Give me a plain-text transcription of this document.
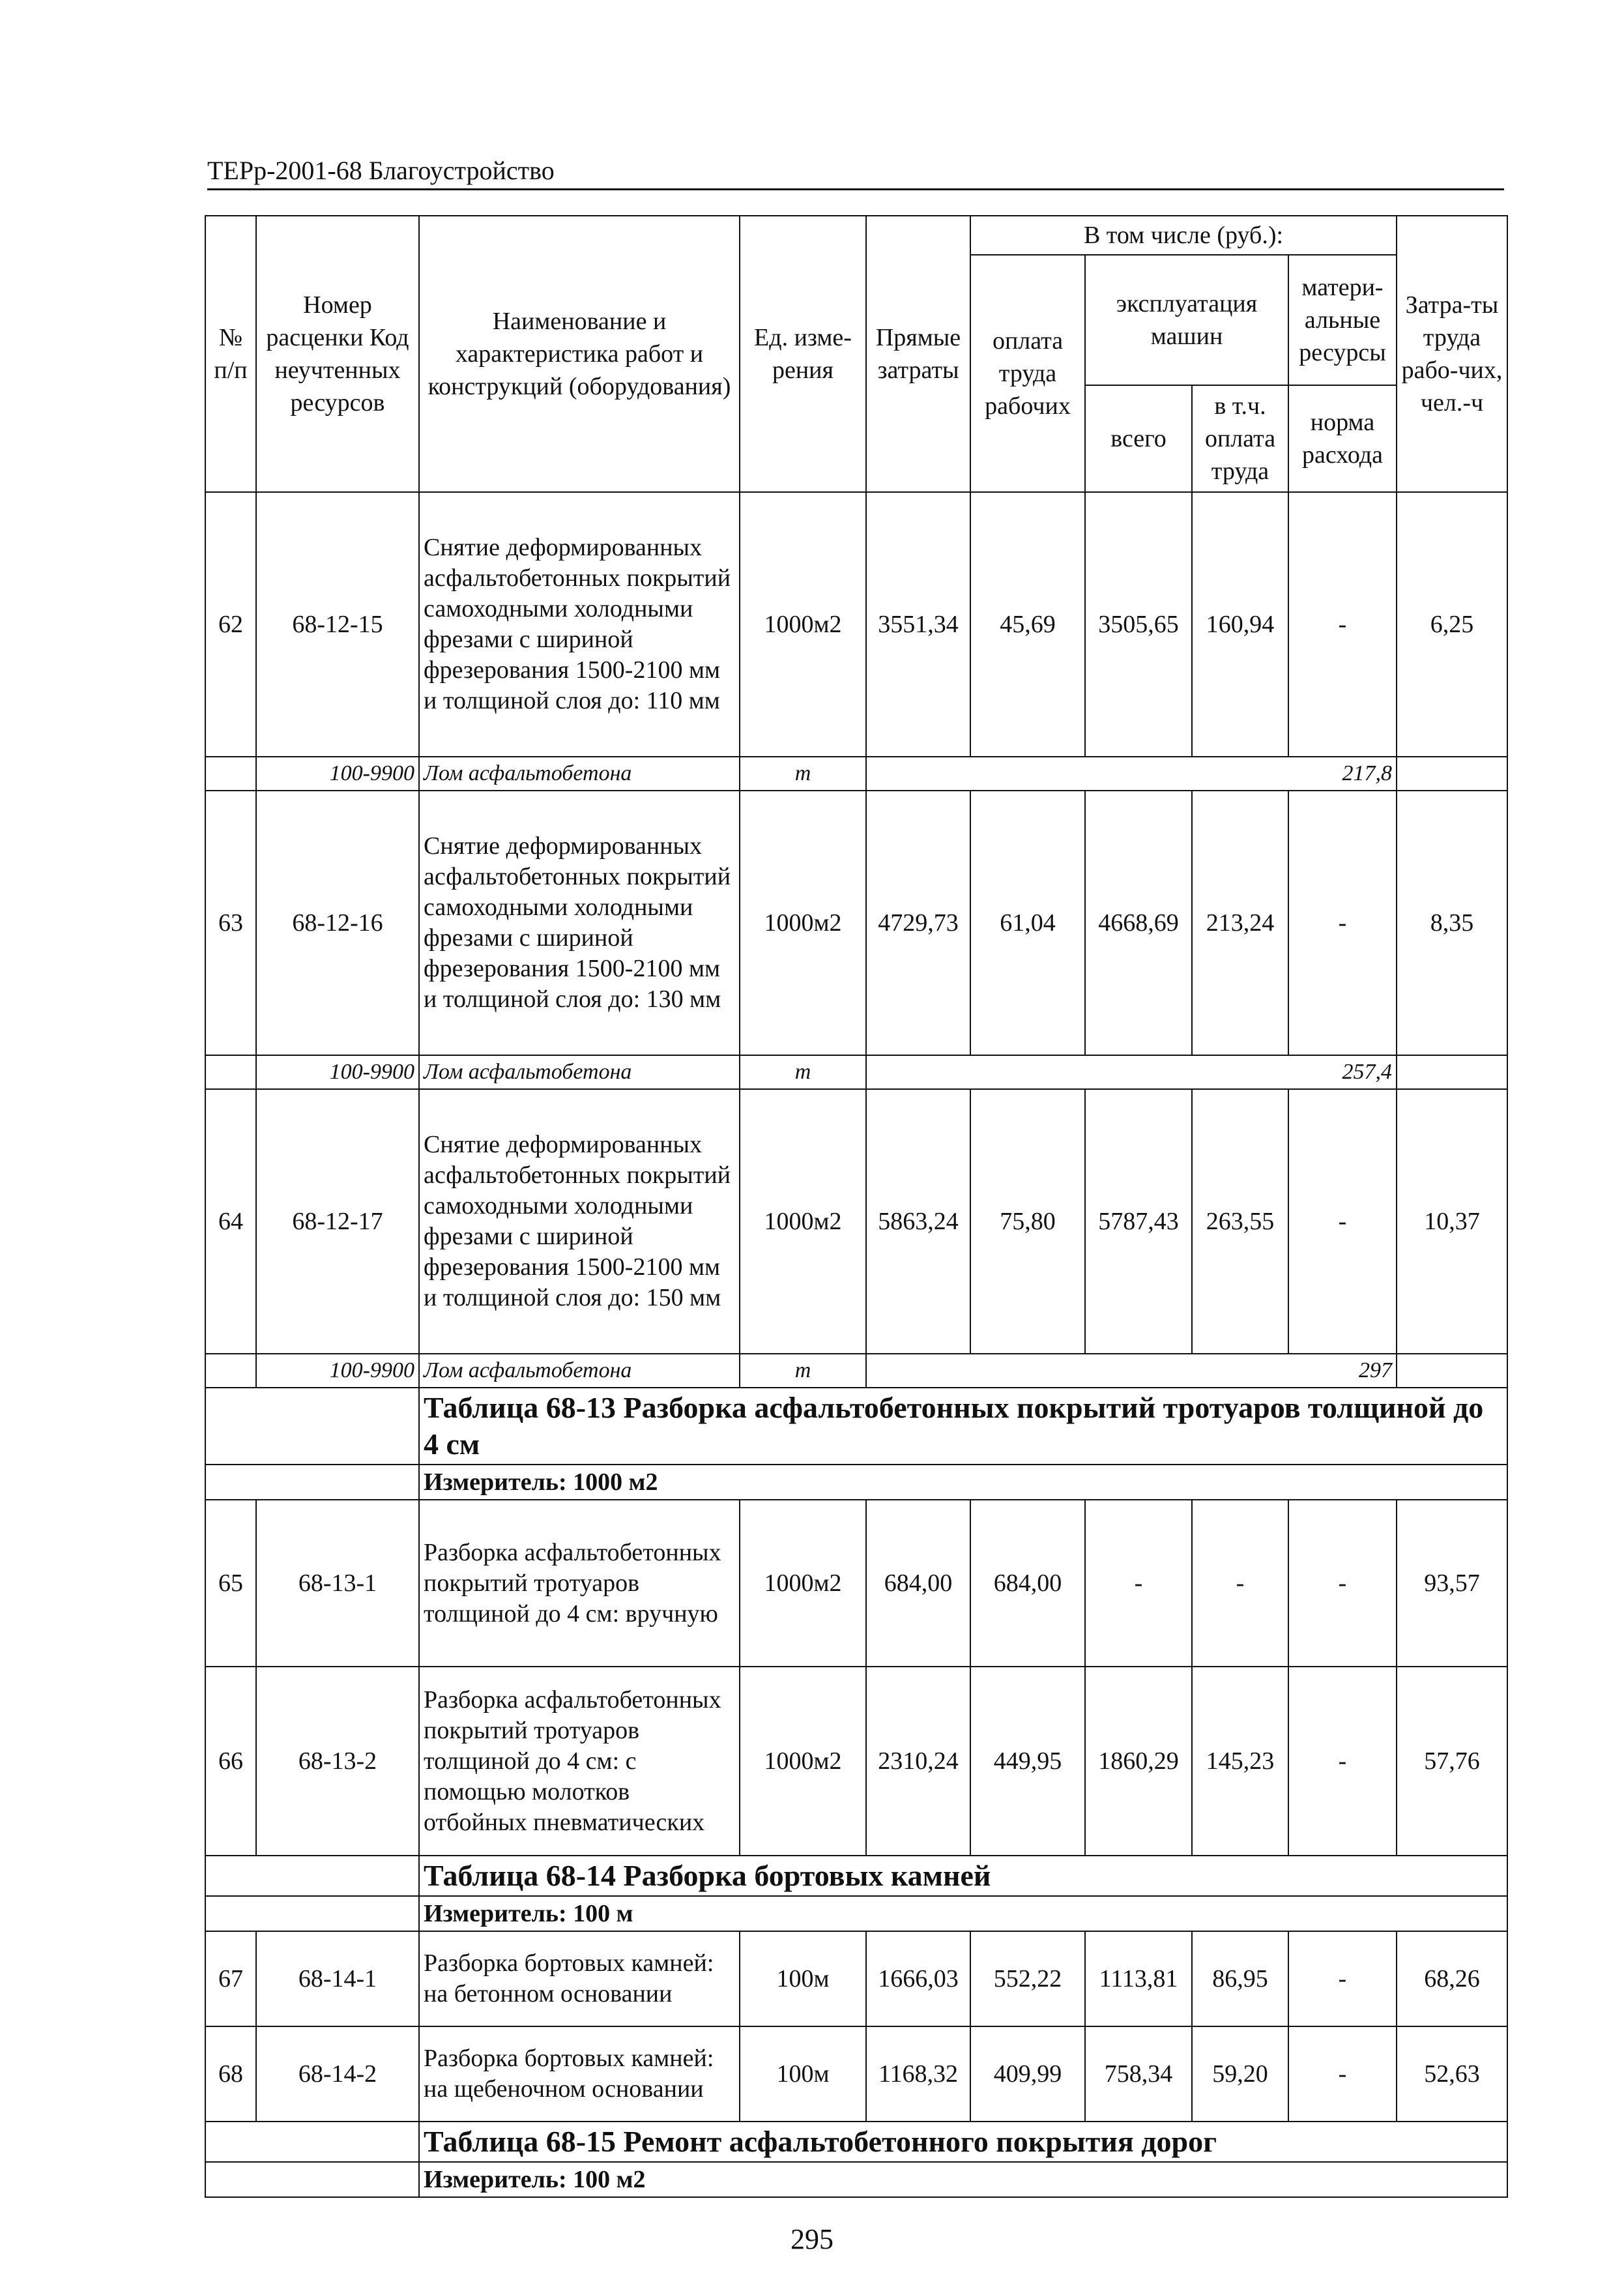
ТЕРр-2001-68 Благоустройство
№ п/п	Номер расценки Код неучтенных ресурсов	Наименование и характеристика работ и конструкций (оборудования)	Ед. изме-рения	Прямые затраты	В том числе (руб.):				Затра-ты труда рабо-чих, чел.-ч
					оплата труда рабочих	эксплуатация машин		матери-альные ресурсы	
						всего	в т.ч. оплата труда	норма расхода	
62	68-12-15	Снятие деформированных асфальтобетонных покрытий самоходными холодными фрезами с шириной фрезерования 1500-2100 мм и толщиной слоя до: 110 мм	1000м2	3551,34	45,69	3505,65	160,94	-	6,25
	100-9900	Лом асфальтобетона	т	217,8					
63	68-12-16	Снятие деформированных асфальтобетонных покрытий самоходными холодными фрезами с шириной фрезерования 1500-2100 мм и толщиной слоя до: 130 мм	1000м2	4729,73	61,04	4668,69	213,24	-	8,35
	100-9900	Лом асфальтобетона	т	257,4					
64	68-12-17	Снятие деформированных асфальтобетонных покрытий самоходными холодными фрезами с шириной фрезерования 1500-2100 мм и толщиной слоя до: 150 мм	1000м2	5863,24	75,80	5787,43	263,55	-	10,37
	100-9900	Лом асфальтобетона	т	297					
		Таблица 68-13 Разборка асфальтобетонных покрытий тротуаров толщиной до 4 см							
		Измеритель: 1000 м2							
65	68-13-1	Разборка асфальтобетонных покрытий тротуаров толщиной до 4 см: вручную	1000м2	684,00	684,00	-	-	-	93,57
66	68-13-2	Разборка асфальтобетонных покрытий тротуаров толщиной до 4 см: с помощью молотков отбойных пневматических	1000м2	2310,24	449,95	1860,29	145,23	-	57,76
		Таблица 68-14 Разборка бортовых камней							
		Измеритель: 100 м							
67	68-14-1	Разборка бортовых камней: на бетонном основании	100м	1666,03	552,22	1113,81	86,95	-	68,26
68	68-14-2	Разборка бортовых камней: на щебеночном основании	100м	1168,32	409,99	758,34	59,20	-	52,63
		Таблица 68-15 Ремонт асфальтобетонного покрытия дорог							
		Измеритель: 100 м2							
295
